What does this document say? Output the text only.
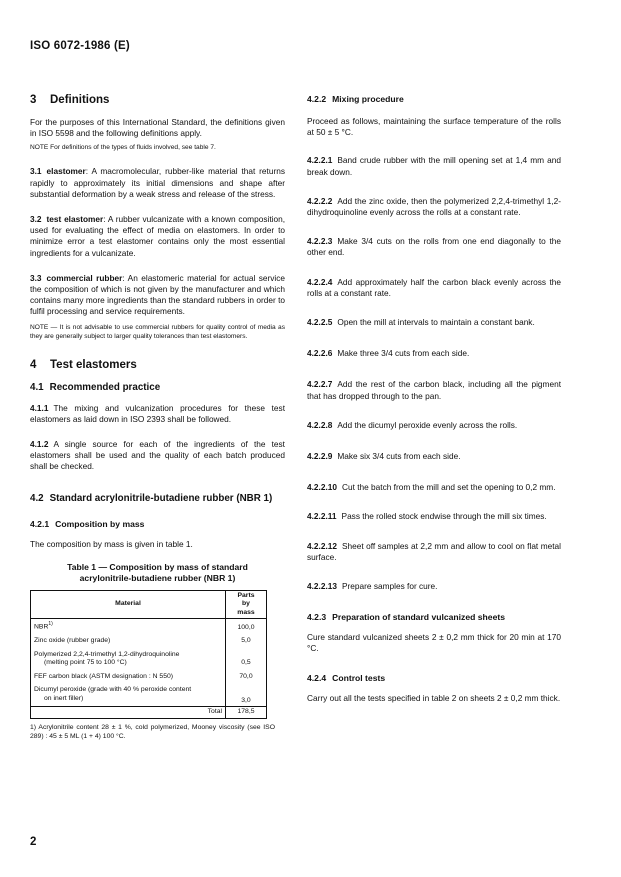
ISO 6072-1986 (E)
3 Definitions

For the purposes of this International Standard, the definitions given in ISO 5598 and the following definitions apply.

NOTE For definitions of the types of fluids involved, see table 7.

3.1 elastomer: A macromolecular, rubber-like material that returns rapidly to approximately its initial dimensions and shape after substantial deformation by a weak stress and release of the stress.

3.2 test elastomer: A rubber vulcanizate with a known composition, used for evaluating the effect of media on elastomers. In order to minimize error a test elastomer contains only the most essential ingredients for a vulcanizate.

3.3 commercial rubber: An elastomeric material for actual service the composition of which is not given by the manufacturer and which contains many more ingredients than the standard rubbers in order to fulfil processing and service requirements.

NOTE — It is not advisable to use commercial rubbers for quality control of media as they are generally subject to larger quality tolerances than test elastomers.

4 Test elastomers
4.1 Recommended practice

4.1.1 The mixing and vulcanization procedures for these test elastomers as laid down in ISO 2393 shall be followed.

4.1.2 A single source for each of the ingredients of the test elastomers shall be used and the quality of each batch produced shall be checked.

4.2 Standard acrylonitrile-butadiene rubber (NBR 1)
4.2.1 Composition by mass

The composition by mass is given in table 1.

Table 1 — Composition by mass of standard
acrylonitrile-butadiene rubber (NBR 1)
Material	Parts
by
mass

NBR$^{1)}$	100,0
Zinc oxide (rubber grade)	5,0

Polymerized 2,2,4-trimethyl 1,2-dihydroquinoline
(melting point 75 to 100 °C)	0,5
FEF carbon black (ASTM designation : N 550)	70,0

Dicumyl peroxide (grade with 40 % peroxide content
on inert filler)	3,0
Total	178,5

1) Acrylonitrile content 28 ± 1 %, cold polymerized, Mooney viscosity (see ISO 289) : 45 ± 5 ML (1 + 4) 100 °C.

4.2.2 Mixing procedure

Proceed as follows, maintaining the surface temperature of the rolls at 50 ± 5 °C.

4.2.2.1 Band crude rubber with the mill opening set at 1,4 mm and break down.

4.2.2.2 Add the zinc oxide, then the polymerized 2,2,4-trimethyl 1,2-dihydroquinoline evenly across the rolls at a constant rate.

4.2.2.3 Make 3/4 cuts on the rolls from one end diagonally to the other end.

4.2.2.4 Add approximately half the carbon black evenly across the rolls at a constant rate.

4.2.2.5 Open the mill at intervals to maintain a constant bank.

4.2.2.6 Make three 3/4 cuts from each side.

4.2.2.7 Add the rest of the carbon black, including all the pigment that has dropped through to the pan.

4.2.2.8 Add the dicumyl peroxide evenly across the rolls.

4.2.2.9 Make six 3/4 cuts from each side.

4.2.2.10 Cut the batch from the mill and set the opening to 0,2 mm.

4.2.2.11 Pass the rolled stock endwise through the mill six times.

4.2.2.12 Sheet off samples at 2,2 mm and allow to cool on flat metal surface.

4.2.2.13 Prepare samples for cure.

4.2.3 Preparation of standard vulcanized sheets

Cure standard vulcanized sheets 2 ± 0,2 mm thick for 20 min at 170 °C.

4.2.4 Control tests

Carry out all the tests specified in table 2 on sheets 2 ± 0,2 mm thick.

2
